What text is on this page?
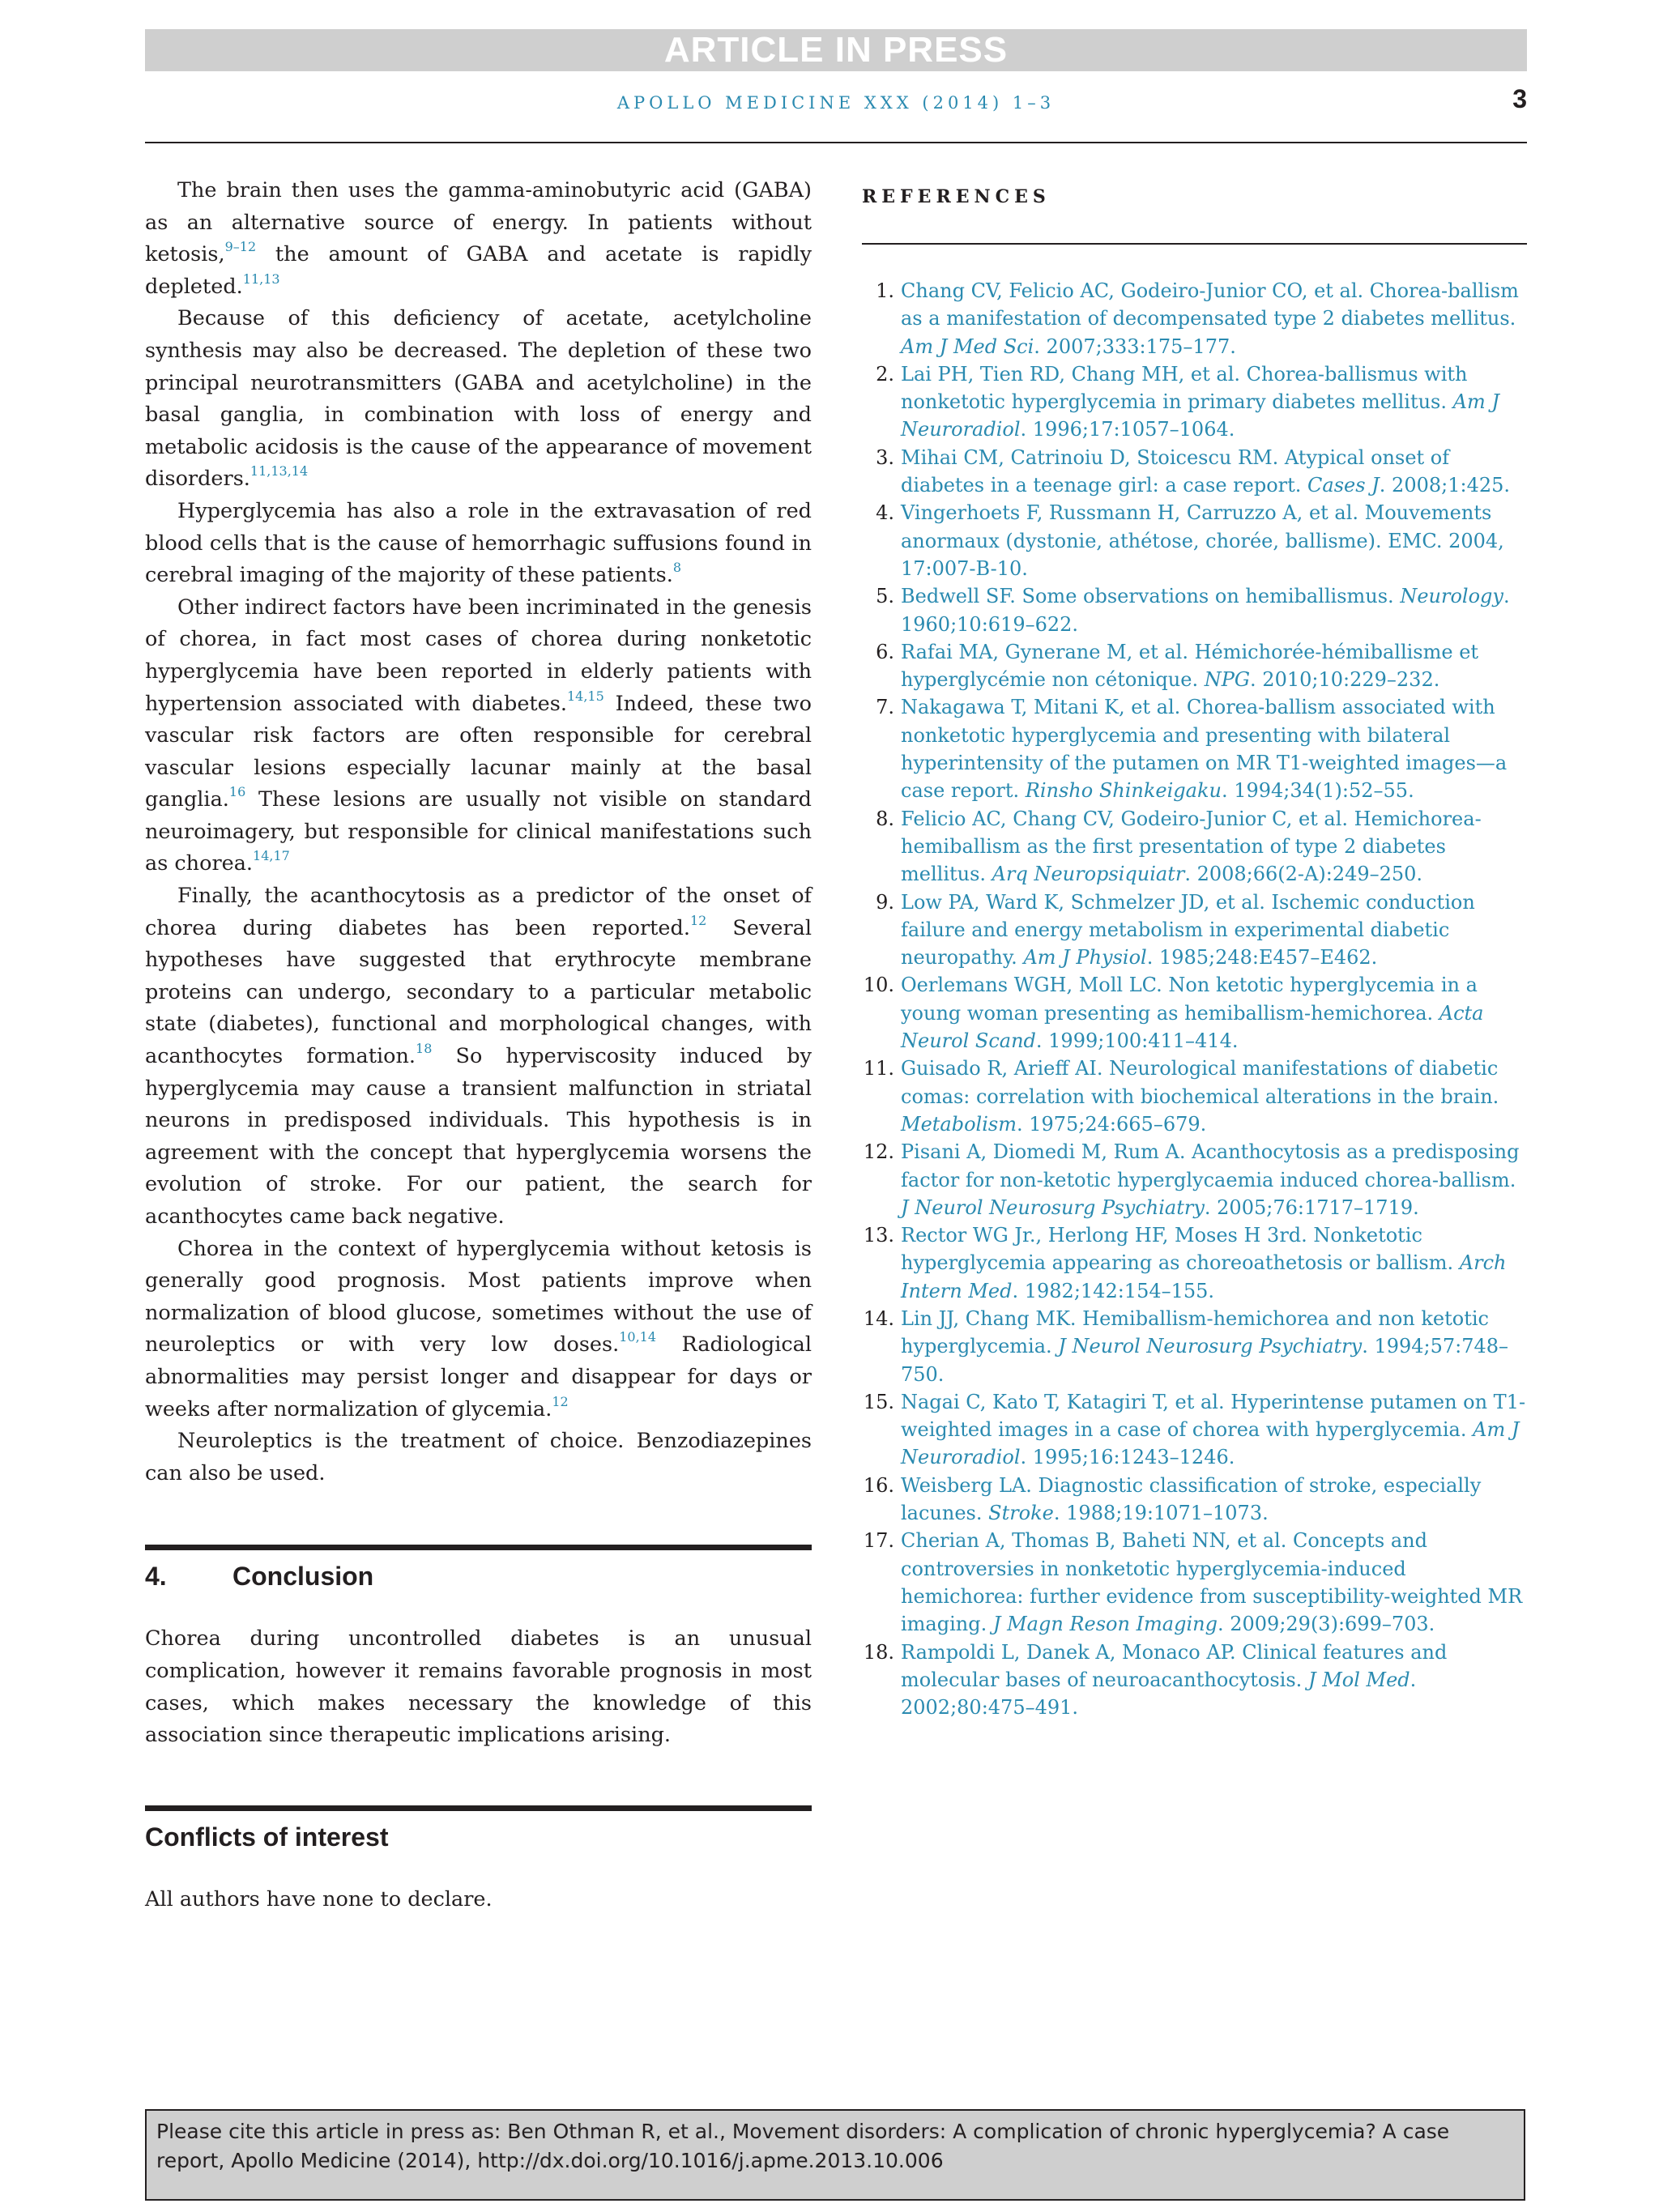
ARTICLE IN PRESS
APOLLO MEDICINE XXX (2014) 1–3	3

The brain then uses the gamma-aminobutyric acid (GABA) as an alternative source of energy. In patients without ketosis,$^{9-12}$ the amount of GABA and acetate is rapidly depleted.$^{11,13}$

Because of this deficiency of acetate, acetylcholine synthesis may also be decreased. The depletion of these two principal neurotransmitters (GABA and acetylcholine) in the basal ganglia, in combination with loss of energy and metabolic acidosis is the cause of the appearance of movement disorders.$^{11,13,14}$

Hyperglycemia has also a role in the extravasation of red blood cells that is the cause of hemorrhagic suffusions found in cerebral imaging of the majority of these patients.$^8$

Other indirect factors have been incriminated in the genesis of chorea, in fact most cases of chorea during nonketotic hyperglycemia have been reported in elderly patients with hypertension associated with diabetes.$^{14,15}$ Indeed, these two vascular risk factors are often responsible for cerebral vascular lesions especially lacunar mainly at the basal ganglia.$^{16}$ These lesions are usually not visible on standard neuroimagery, but responsible for clinical manifestations such as chorea.$^{14,17}$

Finally, the acanthocytosis as a predictor of the onset of chorea during diabetes has been reported.$^{12}$ Several hypotheses have suggested that erythrocyte membrane proteins can undergo, secondary to a particular metabolic state (diabetes), functional and morphological changes, with acanthocytes formation.$^{18}$ So hyperviscosity induced by hyperglycemia may cause a transient malfunction in striatal neurons in predisposed individuals. This hypothesis is in agreement with the concept that hyperglycemia worsens the evolution of stroke. For our patient, the search for acanthocytes came back negative.

Chorea in the context of hyperglycemia without ketosis is generally good prognosis. Most patients improve when normalization of blood glucose, sometimes without the use of neuroleptics or with very low doses.$^{10,14}$ Radiological abnormalities may persist longer and disappear for days or weeks after normalization of glycemia.$^{12}$

Neuroleptics is the treatment of choice. Benzodiazepines can also be used.

4.	Conclusion

Chorea during uncontrolled diabetes is an unusual complication, however it remains favorable prognosis in most cases, which makes necessary the knowledge of this association since therapeutic implications arising.

Conflicts of interest

All authors have none to declare.

REFERENCES
1 . Chang CV, Felicio AC, Godeiro-Junior CO, et al. Chorea-ballism as a manifestation of decompensated type 2 diabetes mellitus. Am J Med Sci. 2007;333:175–177.
2 . Lai PH, Tien RD, Chang MH, et al. Chorea-ballismus with nonketotic hyperglycemia in primary diabetes mellitus. Am J Neuroradiol. 1996;17:1057–1064.
3 . Mihai CM, Catrinoiu D, Stoicescu RM. Atypical onset of diabetes in a teenage girl: a case report. Cases J. 2008;1:425.
4 . Vingerhoets F, Russmann H, Carruzzo A, et al. Mouvements anormaux (dystonie, athétose, chorée, ballisme). EMC. 2004, 17:007-B-10.
5 . Bedwell SF. Some observations on hemiballismus. Neurology. 1960;10:619–622.
6 . Rafai MA, Gynerane M, et al. Hémichorée-hémiballisme et hyperglycémie non cétonique. NPG. 2010;10:229–232.
7 . Nakagawa T, Mitani K, et al. Chorea-ballism associated with nonketotic hyperglycemia and presenting with bilateral hyperintensity of the putamen on MR T1-weighted images—a case report. Rinsho Shinkeigaku. 1994;34(1):52–55.
8 . Felicio AC, Chang CV, Godeiro-Junior C, et al. Hemichorea-hemiballism as the first presentation of type 2 diabetes mellitus. Arq Neuropsiquiatr. 2008;66(2-A):249–250.
9 . Low PA, Ward K, Schmelzer JD, et al. Ischemic conduction failure and energy metabolism in experimental diabetic neuropathy. Am J Physiol. 1985;248:E457–E462.
10 . Oerlemans WGH, Moll LC. Non ketotic hyperglycemia in a young woman presenting as hemiballism-hemichorea. Acta Neurol Scand. 1999;100:411–414.
11 . Guisado R, Arieff AI. Neurological manifestations of diabetic comas: correlation with biochemical alterations in the brain. Metabolism. 1975;24:665–679.
12 . Pisani A, Diomedi M, Rum A. Acanthocytosis as a predisposing factor for non-ketotic hyperglycaemia induced chorea-ballism. J Neurol Neurosurg Psychiatry. 2005;76:1717–1719.
13 . Rector WG Jr., Herlong HF, Moses H 3rd. Nonketotic hyperglycemia appearing as choreoathetosis or ballism. Arch Intern Med. 1982;142:154–155.
14 . Lin JJ, Chang MK. Hemiballism-hemichorea and non ketotic hyperglycemia. J Neurol Neurosurg Psychiatry. 1994;57:748–750.
15 . Nagai C, Kato T, Katagiri T, et al. Hyperintense putamen on T1-weighted images in a case of chorea with hyperglycemia. Am J Neuroradiol. 1995;16:1243–1246.
16 . Weisberg LA. Diagnostic classification of stroke, especially lacunes. Stroke. 1988;19:1071–1073.
17 . Cherian A, Thomas B, Baheti NN, et al. Concepts and controversies in nonketotic hyperglycemia-induced hemichorea: further evidence from susceptibility-weighted MR imaging. J Magn Reson Imaging. 2009;29(3):699–703.
18 . Rampoldi L, Danek A, Monaco AP. Clinical features and molecular bases of neuroacanthocytosis. J Mol Med. 2002;80:475–491.
Please cite this article in press as: Ben Othman R, et al., Movement disorders: A complication of chronic hyperglycemia? A case report, Apollo Medicine (2014), http://dx.doi.org/10.1016/j.apme.2013.10.006
